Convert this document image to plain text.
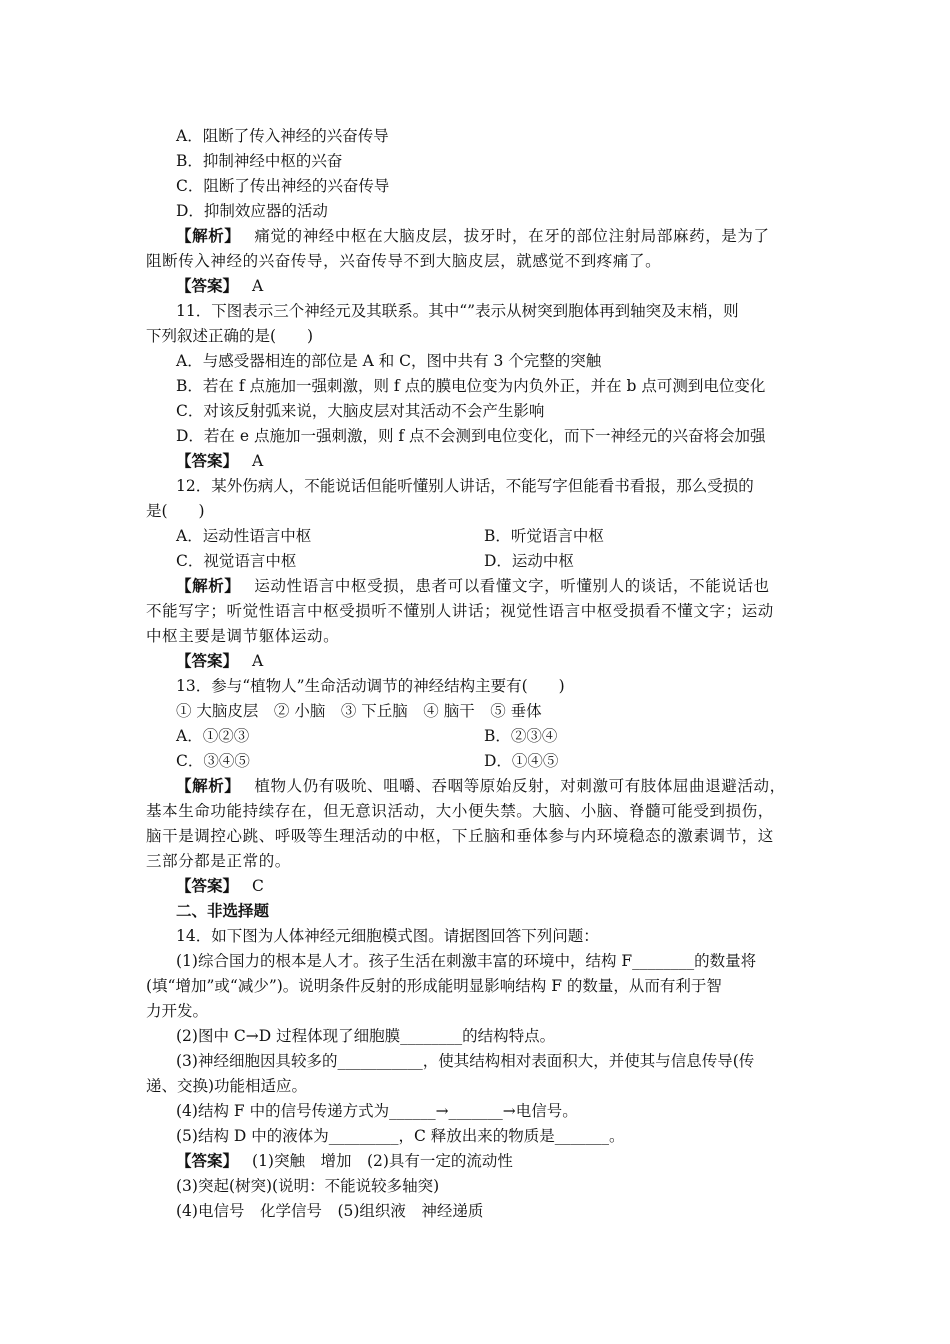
A．阻断了传入神经的兴奋传导
B．抑制神经中枢的兴奋
C．阻断了传出神经的兴奋传导
D．抑制效应器的活动
【解析】 痛觉的神经中枢在大脑皮层，拔牙时，在牙的部位注射局部麻药，是为了
阻断传入神经的兴奋传导，兴奋传导不到大脑皮层，就感觉不到疼痛了。
【答案】 A
11．下图表示三个神经元及其联系。其中“”表示从树突到胞体再到轴突及末梢，则
下列叙述正确的是(　　)
A．与感受器相连的部位是 A 和 C，图中共有 3 个完整的突触
B．若在 f 点施加一强刺激，则 f 点的膜电位变为内负外正，并在 b 点可测到电位变化
C．对该反射弧来说，大脑皮层对其活动不会产生影响
D．若在 e 点施加一强刺激，则 f 点不会测到电位变化，而下一神经元的兴奋将会加强
【答案】 A
12．某外伤病人，不能说话但能听懂别人讲话，不能写字但能看书看报，那么受损的
是(　　)
A．运动性语言中枢	B．听觉语言中枢
C．视觉语言中枢	D．运动中枢
【解析】 运动性语言中枢受损，患者可以看懂文字，听懂别人的谈话，不能说话也
不能写字；听觉性语言中枢受损听不懂别人讲话；视觉性语言中枢受损看不懂文字；运动
中枢主要是调节躯体运动。
【答案】 A
13．参与“植物人”生命活动调节的神经结构主要有(　　)
① 大脑皮层　② 小脑　③ 下丘脑　④ 脑干　⑤ 垂体
A．①②③	B．②③④
C．③④⑤	D．①④⑤
【解析】 植物人仍有吸吮、咀嚼、吞咽等原始反射，对刺激可有肢体屈曲退避活动，
基本生命功能持续存在，但无意识活动，大小便失禁。大脑、小脑、脊髓可能受到损伤，
脑干是调控心跳、呼吸等生理活动的中枢，下丘脑和垂体参与内环境稳态的激素调节，这
三部分都是正常的。
【答案】 C
二、非选择题
14．如下图为人体神经元细胞模式图。请据图回答下列问题：
(1)综合国力的根本是人才。孩子生活在刺激丰富的环境中，结构 F________的数量将
(填“增加”或“减少”)。说明条件反射的形成能明显影响结构 F 的数量，从而有利于智
力开发。
(2)图中 C→D 过程体现了细胞膜________的结构特点。
(3)神经细胞因具较多的___________，使其结构相对表面积大，并使其与信息传导(传
递、交换)功能相适应。
(4)结构 F 中的信号传递方式为______→_______→电信号。
(5)结构 D 中的液体为_________，C 释放出来的物质是_______。
【答案】 (1)突触　增加　(2)具有一定的流动性
(3)突起(树突)(说明：不能说较多轴突)
(4)电信号　化学信号　(5)组织液　神经递质
